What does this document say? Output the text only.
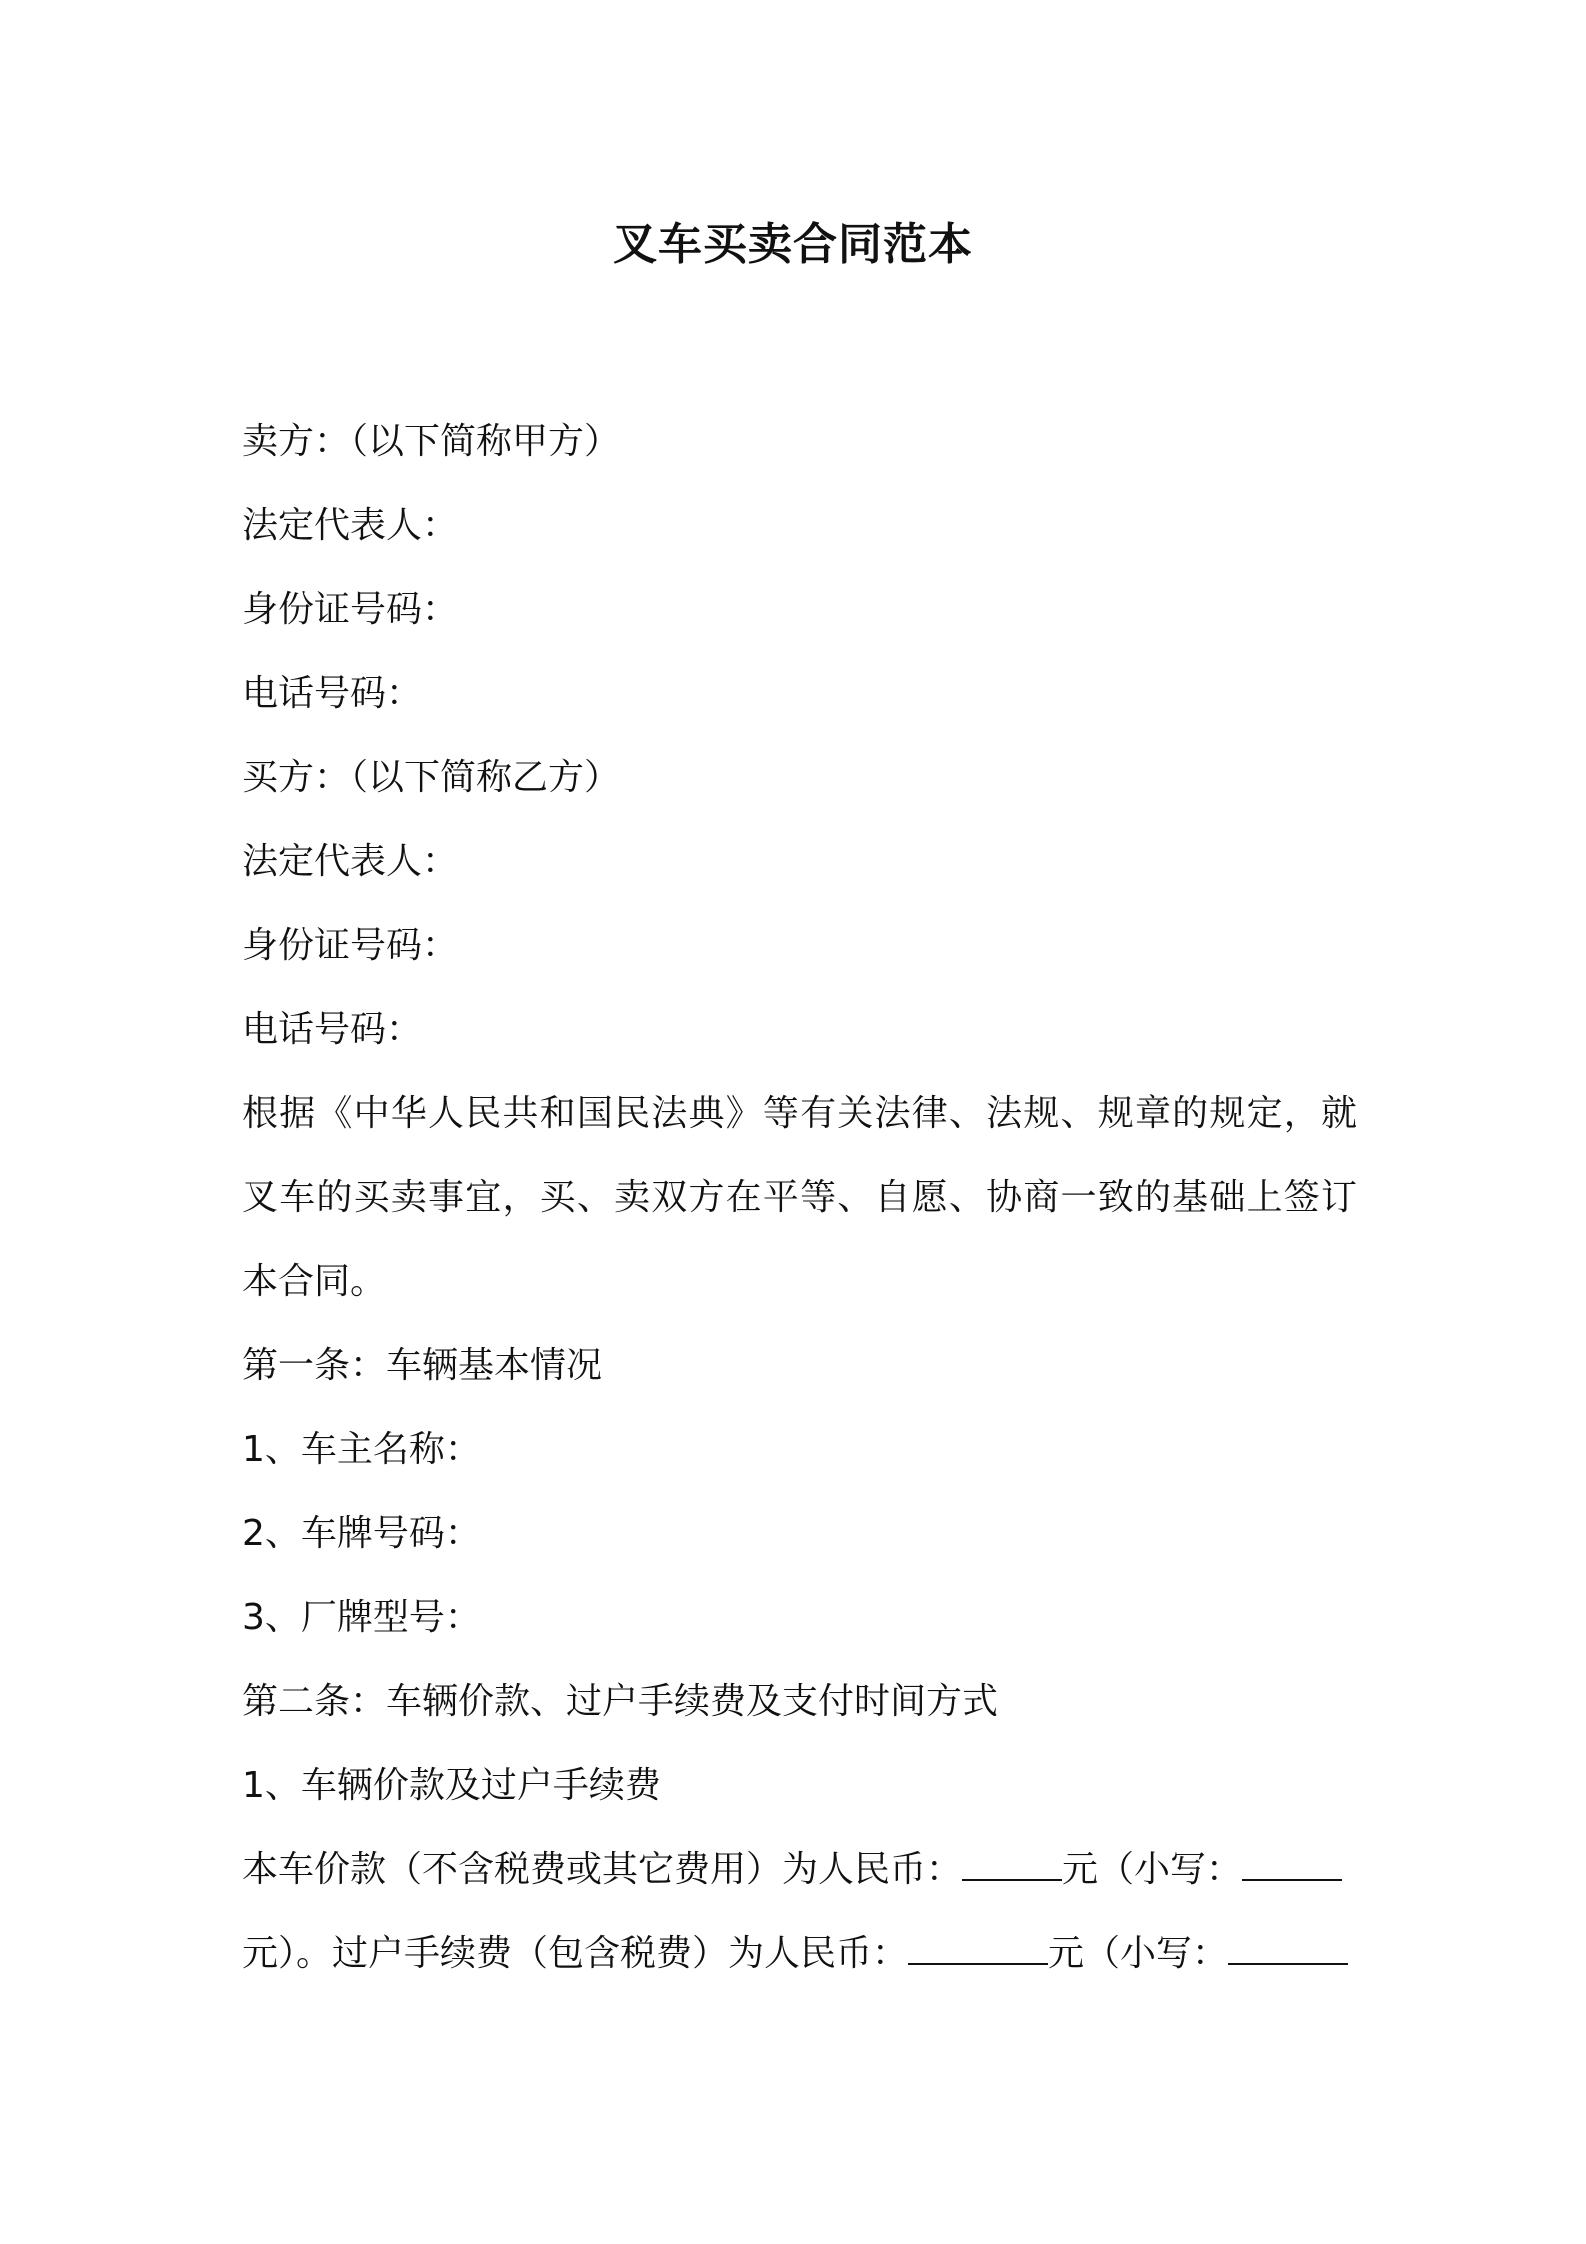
叉车买卖合同范本
卖方：（以下简称甲方）
法定代表人：
身份证号码：
电话号码：
买方：（以下简称乙方）
法定代表人：
身份证号码：
电话号码：
根据《中华人民共和国民法典》等有关法律、法规、规章的规定，就叉车的买卖事宜，买、卖双方在平等、自愿、协商一致的基础上签订本合同。
第一条：车辆基本情况
1、车主名称：
2、车牌号码：
3、厂牌型号：
第二条：车辆价款、过户手续费及支付时间方式
1、车辆价款及过户手续费
本车价款（不含税费或其它费用）为人民币：	元（小写：
元）。过户手续费（包含税费）为人民币：	元（小写：
